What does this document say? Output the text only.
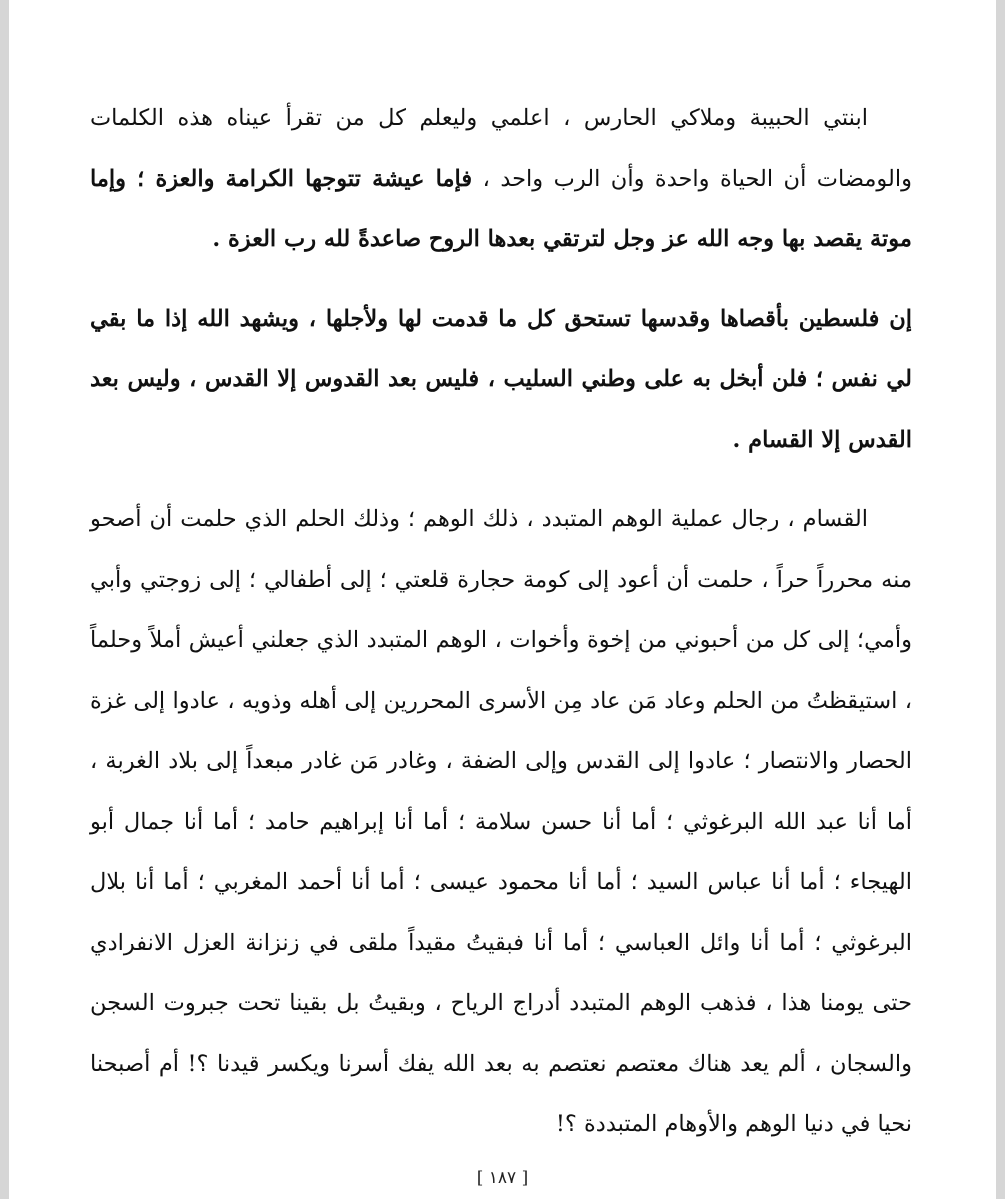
ابنتي الحبيبة وملاكي الحارس ، اعلمي وليعلم كل من تقرأ عيناه هذه الكلمات والومضات أن الحياة واحدة وأن الرب واحد ، فإما عيشة تتوجها الكرامة والعزة ؛ وإما موتة يقصد بها وجه الله عز وجل لترتقي بعدها الروح صاعدةً لله رب العزة .

إن فلسطين بأقصاها وقدسها تستحق كل ما قدمت لها ولأجلها ، ويشهد الله إذا ما بقي لي نفس ؛ فلن أبخل به على وطني السليب ، فليس بعد القدوس إلا القدس ، وليس بعد القدس إلا القسام .

القسام ، رجال عملية الوهم المتبدد ، ذلك الوهم ؛ وذلك الحلم الذي حلمت أن أصحو منه محرراً حراً ، حلمت أن أعود إلى كومة حجارة قلعتي ؛ إلى أطفالي ؛ إلى زوجتي وأبي وأمي؛ إلى كل من أحبوني من إخوة وأخوات ، الوهم المتبدد الذي جعلني أعيش أملاً وحلماً ، استيقظتُ من الحلم وعاد مَن عاد مِن الأسرى المحررين إلى أهله وذويه ، عادوا إلى غزة الحصار والانتصار ؛ عادوا إلى القدس وإلى الضفة ، وغادر مَن غادر مبعداً إلى بلاد الغربة ، أما أنا عبد الله البرغوثي ؛ أما أنا حسن سلامة ؛ أما أنا إبراهيم حامد ؛ أما أنا جمال أبو الهيجاء ؛ أما أنا عباس السيد ؛ أما أنا محمود عيسى ؛ أما أنا أحمد المغربي ؛ أما أنا بلال البرغوثي ؛ أما أنا وائل العباسي ؛ أما أنا فبقيتُ مقيداً ملقى في زنزانة العزل الانفرادي حتى يومنا هذا ، فذهب الوهم المتبدد أدراج الرياح ، وبقيتُ بل بقينا تحت جبروت السجن والسجان ، ألم يعد هناك معتصم نعتصم به بعد الله يفك أسرنا ويكسر قيدنا ؟! أم أصبحنا نحيا في دنيا الوهم والأوهام المتبددة ؟!

[ ١٨٧ ]
